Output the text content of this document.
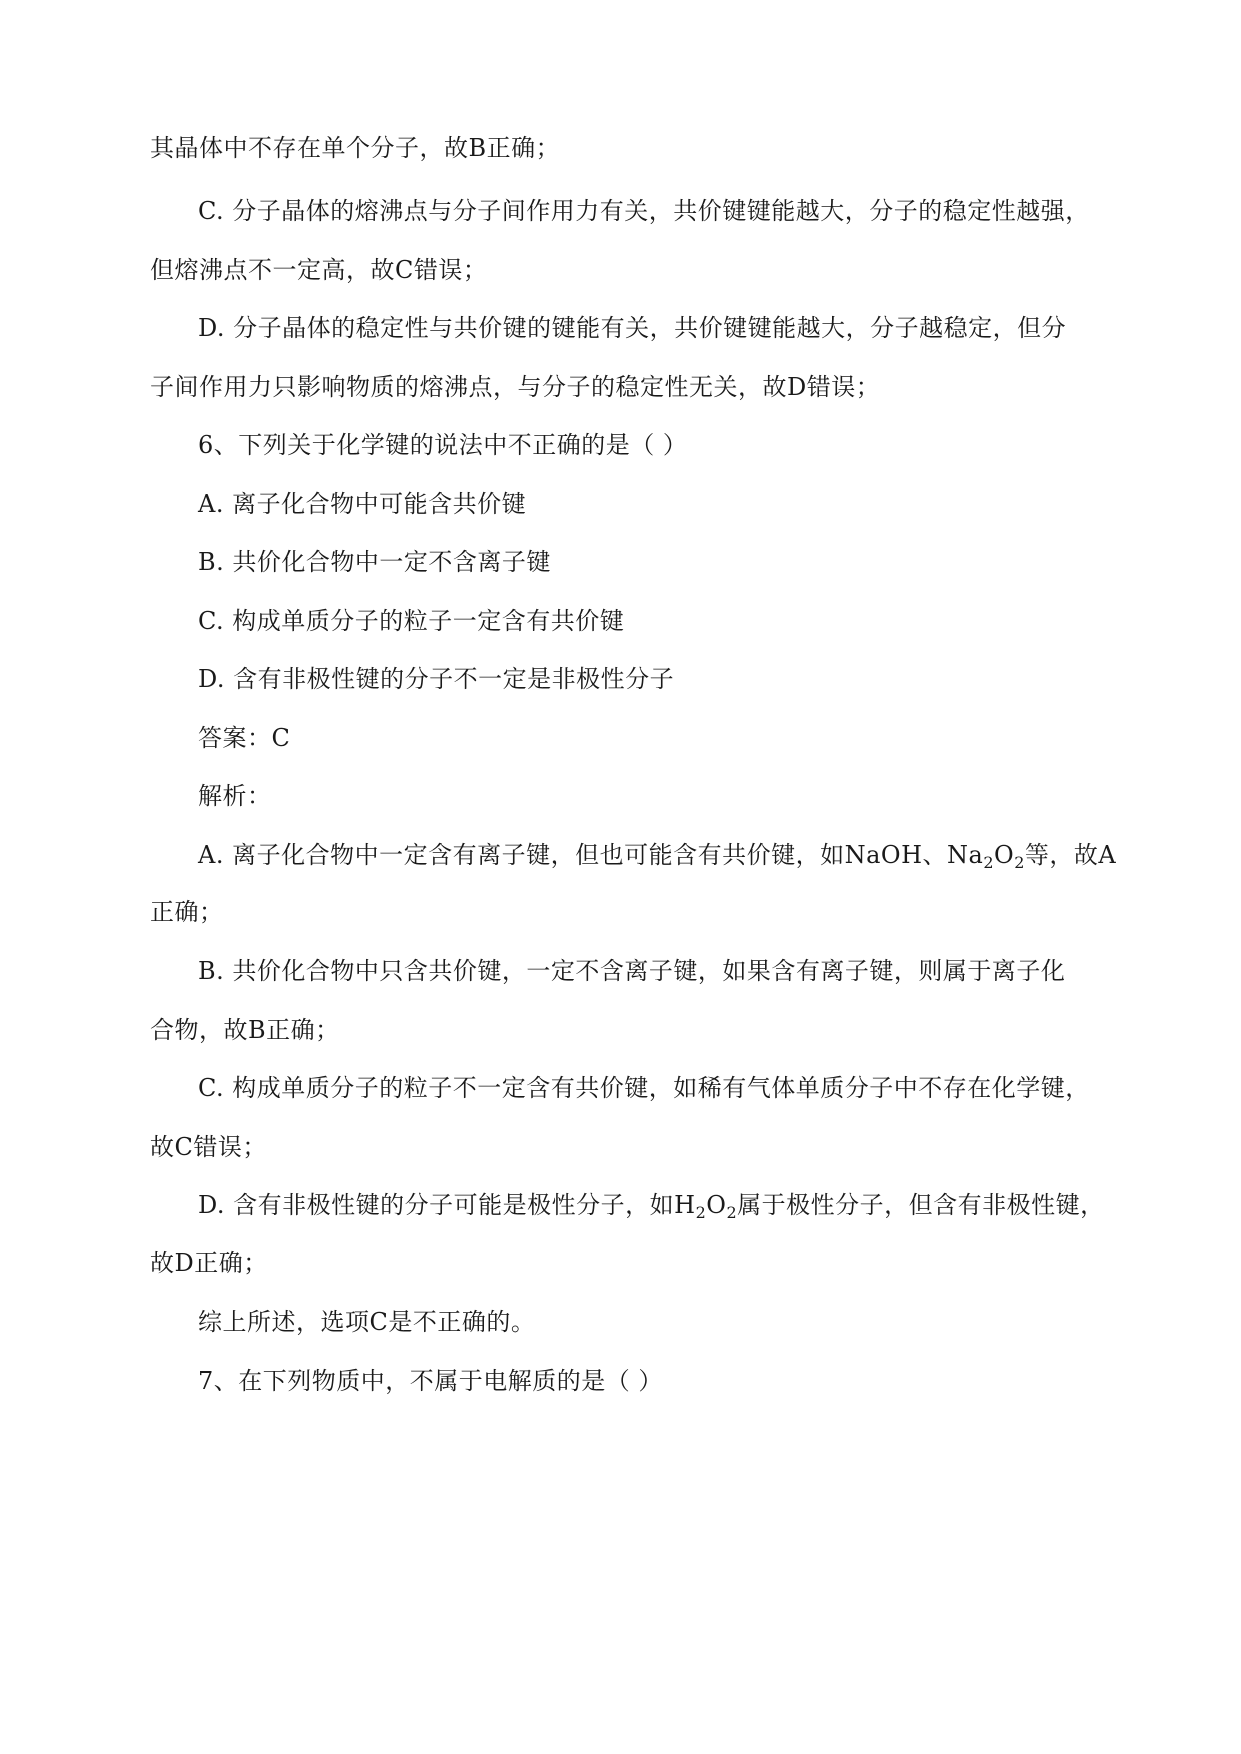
其晶体中不存在单个分子，故B正确；
C. 分子晶体的熔沸点与分子间作用力有关，共价键键能越大，分子的稳定性越强，
但熔沸点不一定高，故C错误；
D. 分子晶体的稳定性与共价键的键能有关，共价键键能越大，分子越稳定，但分
子间作用力只影响物质的熔沸点，与分子的稳定性无关，故D错误；
6、下列关于化学键的说法中不正确的是（ ）
A. 离子化合物中可能含共价键
B. 共价化合物中一定不含离子键
C. 构成单质分子的粒子一定含有共价键
D. 含有非极性键的分子不一定是非极性分子
答案：C
解析：
A. 离子化合物中一定含有离子键，但也可能含有共价键，如NaOH、$Na_2O_2$等，故A
正确；
B. 共价化合物中只含共价键，一定不含离子键，如果含有离子键，则属于离子化
合物，故B正确；
C. 构成单质分子的粒子不一定含有共价键，如稀有气体单质分子中不存在化学键，
故C错误；
D. 含有非极性键的分子可能是极性分子，如$H_2O_2$属于极性分子，但含有非极性键，
故D正确；
综上所述，选项C是不正确的。
7、在下列物质中，不属于电解质的是（ ）
